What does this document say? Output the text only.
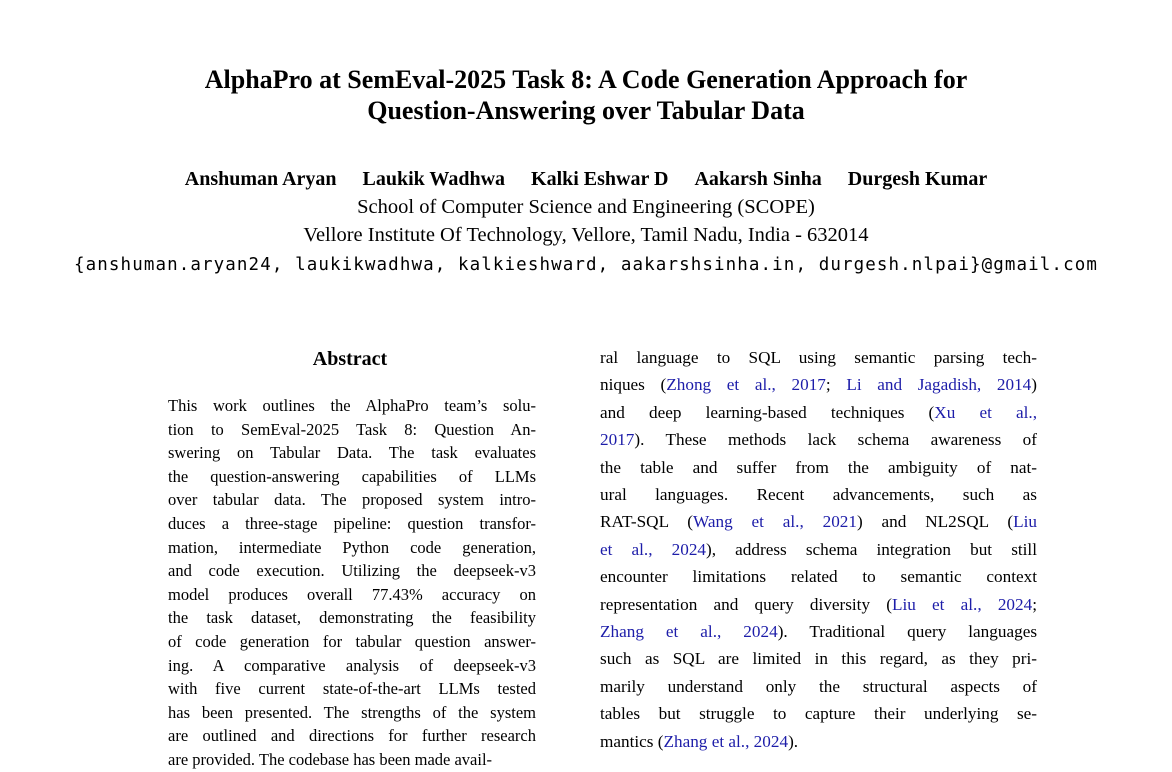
AlphaPro at SemEval-2025 Task 8: A Code Generation Approach for
Question-Answering over Tabular Data
Anshuman Aryan Laukik Wadhwa Kalki Eshwar D Aakarsh Sinha Durgesh Kumar
School of Computer Science and Engineering (SCOPE)
Vellore Institute Of Technology, Vellore, Tamil Nadu, India - 632014
{anshuman.aryan24, laukikwadhwa, kalkieshward, aakarshsinha.in, durgesh.nlpai}@gmail.com
Abstract
This work outlines the AlphaPro team’s solu-
tion to SemEval-2025 Task 8: Question An-
swering on Tabular Data. The task evaluates
the question-answering capabilities of LLMs
over tabular data. The proposed system intro-
duces a three-stage pipeline: question transfor-
mation, intermediate Python code generation,
and code execution. Utilizing the deepseek-v3
model produces overall 77.43% accuracy on
the task dataset, demonstrating the feasibility
of code generation for tabular question answer-
ing. A comparative analysis of deepseek-v3
with five current state-of-the-art LLMs tested
has been presented. The strengths of the system
are outlined and directions for further research
are provided. The codebase has been made avail-
ral language to SQL using semantic parsing tech-
niques (Zhong et al., 2017; Li and Jagadish, 2014)
and deep learning-based techniques (Xu et al.,
2017). These methods lack schema awareness of
the table and suffer from the ambiguity of nat-
ural languages. Recent advancements, such as
RAT-SQL (Wang et al., 2021) and NL2SQL (Liu
et al., 2024), address schema integration but still
encounter limitations related to semantic context
representation and query diversity (Liu et al., 2024;
Zhang et al., 2024). Traditional query languages
such as SQL are limited in this regard, as they pri-
marily understand only the structural aspects of
tables but struggle to capture their underlying se-
mantics (Zhang et al., 2024).
